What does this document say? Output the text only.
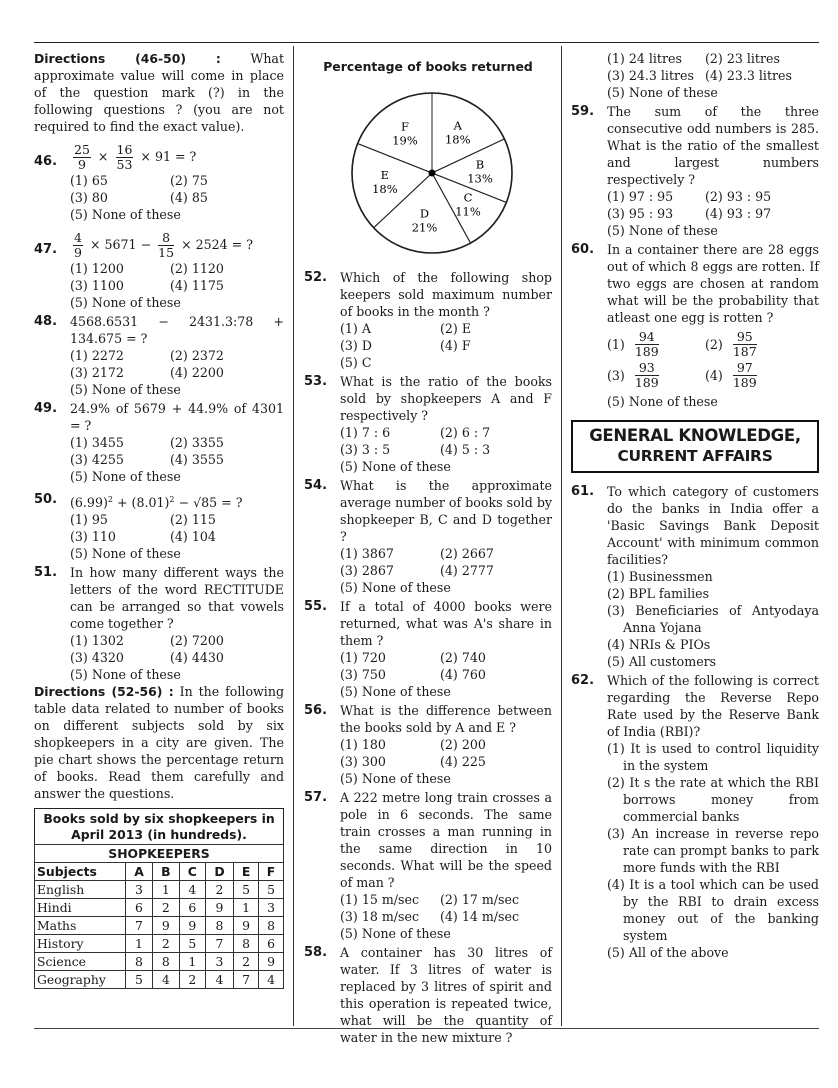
Directions (46-50) : What approximate value will come in place of the question mark (?) in the following questions ? (you are not required to find the exact value).
46. $\frac{25}{9} \times \frac{16}{53} \times 91$ = ?
(1) 65	(2) 75
(3) 80	(4) 85
(5) None of these
47. $\frac{4}{9} \times 5671 - \frac{8}{15} \times 2524$ = ?
(1) 1200	(2) 1120
(3) 1100	(4) 1175
(5) None of these
48. 4568.6531 − 2431.3:78 + 134.675 = ?
(1) 2272	(2) 2372
(3) 2172	(4) 2200
(5) None of these
49. 24.9% of 5679 + 44.9% of 4301 = ?
(1) 3455	(2) 3355
(3) 4255	(4) 3555
(5) None of these
50. $(6.99)^2 + (8.01)^2 - √85$ = ?
(1) 95	(2) 115
(3) 110	(4) 104
(5) None of these
51. In how many different ways the letters of the word RECTITUDE can be arranged so that vowels come together ?
(1) 1302	(2) 7200
(3) 4320	(4) 4430
(5) None of these
Directions (52-56) : In the following table data related to number of books on different subjects sold by six shopkeepers in a city are given. The pie chart shows the percentage return of books. Read them carefully and answer the questions.
Books sold by six shopkeepers in April 2013 (in hundreds).
SHOPKEEPERS						
Subjects	A	B	C	D	E	F
English	3	1	4	2	5	5
Hindi	6	2	6	9	1	3
Maths	7	9	9	8	9	8
History	1	2	5	7	8	6
Science	8	8	1	3	2	9
Geography	5	4	2	4	7	4
Percentage of books returned
A
18%
B
13%
C
11%
D
21%
E
18%
F
19%
52. Which of the following shop keepers sold maximum number of books in the month ?
(1) A	(2) E
(3) D	(4) F
(5) C
53. What is the ratio of the books sold by shopkeepers A and F respectively ?
(1) 7 : 6	(2) 6 : 7
(3) 3 : 5	(4) 5 : 3
(5) None of these
54. What is the approximate average number of books sold by shopkeeper B, C and D together ?
(1) 3867	(2) 2667
(3) 2867	(4) 2777
(5) None of these
55. If a total of 4000 books were returned, what was A's share in them ?
(1) 720	(2) 740
(3) 750	(4) 760
(5) None of these
56. What is the difference between the books sold by A and E ?
(1) 180	(2) 200
(3) 300	(4) 225
(5) None of these
57. A 222 metre long train crosses a pole in 6 seconds. The same train crosses a man running in the same direction in 10 seconds. What will be the speed of man ?
(1) 15 m/sec	(2) 17 m/sec
(3) 18 m/sec	(4) 14 m/sec
(5) None of these
58. A container has 30 litres of water. If 3 litres of water is replaced by 3 litres of spirit and this operation is repeated twice, what will be the quantity of water in the new mixture ?
(1) 24 litres	(2) 23 litres
(3) 24.3 litres (4) 23.3 litres
(5) None of these
59. The sum of the three consecutive odd numbers is 285. What is the ratio of the smallest and largest numbers respectively ?
(1) 97 : 95	(2) 93 : 95
(3) 95 : 93	(4) 93 : 97
(5) None of these
60. In a container there are 28 eggs out of which 8 eggs are rotten. If two eggs are chosen at random what will be the probability that atleast one egg is rotten ?
$(1) \frac{94}{189}$	$(2) \frac{95}{187}$
$(3) \frac{93}{189}$	$(4) \frac{97}{189}$
(5) None of these
GENERAL KNOWLEDGE,
CURRENT AFFAIRS
61. To which category of customers do the banks in India offer a 'Basic Savings Bank Deposit Account' with minimum common facilities?
(1) Businessmen
(2) BPL families
(3) Beneficiaries of Antyodaya Anna Yojana
(4) NRIs & PIOs
(5) All customers
62. Which of the following is correct regarding the Reverse Repo Rate used by the Reserve Bank of India (RBI)?
(1) It is used to control liquidity in the system
(2) It s the rate at which the RBI borrows money from commercial banks
(3) An increase in reverse repo rate can prompt banks to park more funds with the RBI
(4) It is a tool which can be used by the RBI to drain excess money out of the banking system
(5) All of the above
